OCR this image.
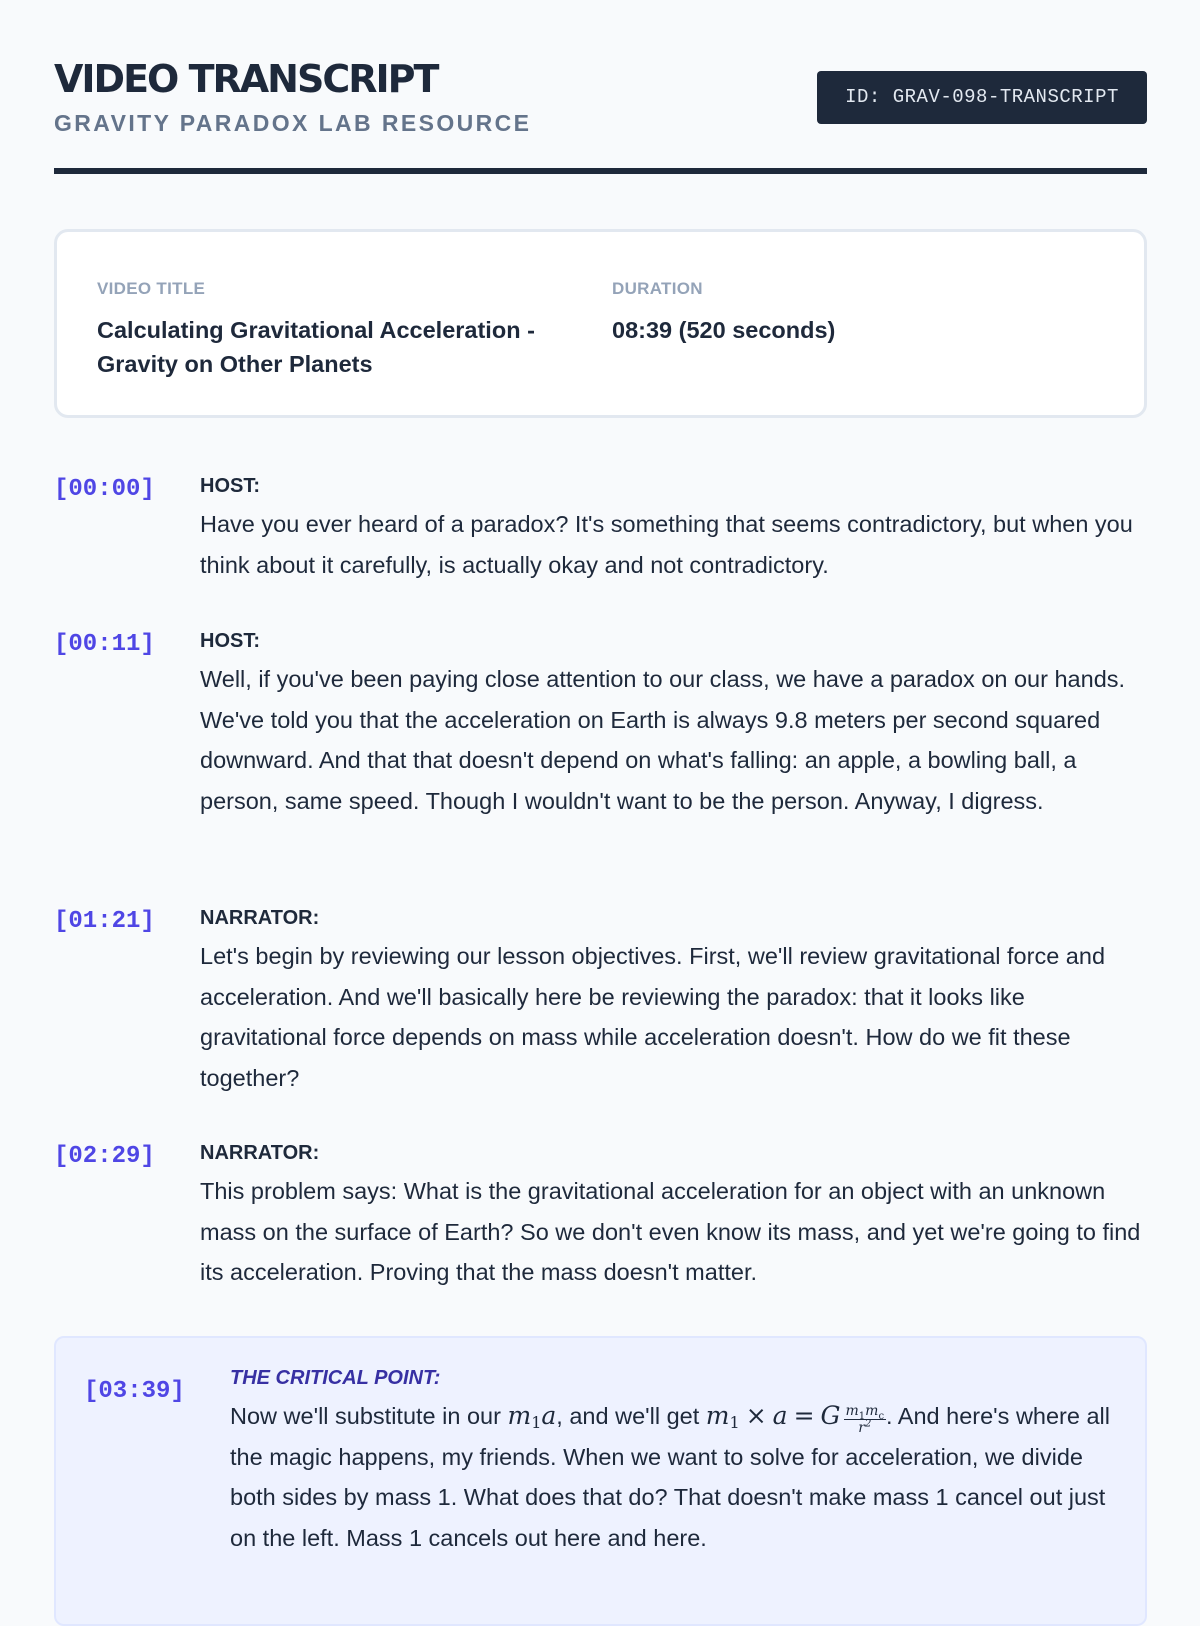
VIDEO TRANSCRIPT
GRAVITY PARADOX LAB RESOURCE
ID: GRAV-098-TRANSCRIPT
VIDEO TITLE
Calculating Gravitational Acceleration - Gravity on Other Planets
DURATION
08:39 (520 seconds)
[00:00] HOST:
Have you ever heard of a paradox? It's something that seems contradictory, but when you think about it carefully, is actually okay and not contradictory.
[00:11] HOST:
Well, if you've been paying close attention to our class, we have a paradox on our hands. We've told you that the acceleration on Earth is always 9.8 meters per second squared downward. And that that doesn't depend on what's falling: an apple, a bowling ball, a person, same speed. Though I wouldn't want to be the person. Anyway, I digress.
[01:21] NARRATOR:
Let's begin by reviewing our lesson objectives. First, we'll review gravitational force and acceleration. And we'll basically here be reviewing the paradox: that it looks like gravitational force depends on mass while acceleration doesn't. How do we fit these together?
[02:29] NARRATOR:
This problem says: What is the gravitational acceleration for an object with an unknown mass on the surface of Earth? So we don't even know its mass, and yet we're going to find its acceleration. Proving that the mass doesn't matter.
[03:39] THE CRITICAL POINT:
Now we'll substitute in our $m_1a$, and we'll get $m_1 \times a = G \frac{m_1m_c}{r^2}$ . And here's where all the magic happens, my friends. When we want to solve for acceleration, we divide both sides by mass 1. What does that do? That doesn't make mass 1 cancel out just on the left. Mass 1 cancels out here and here.
